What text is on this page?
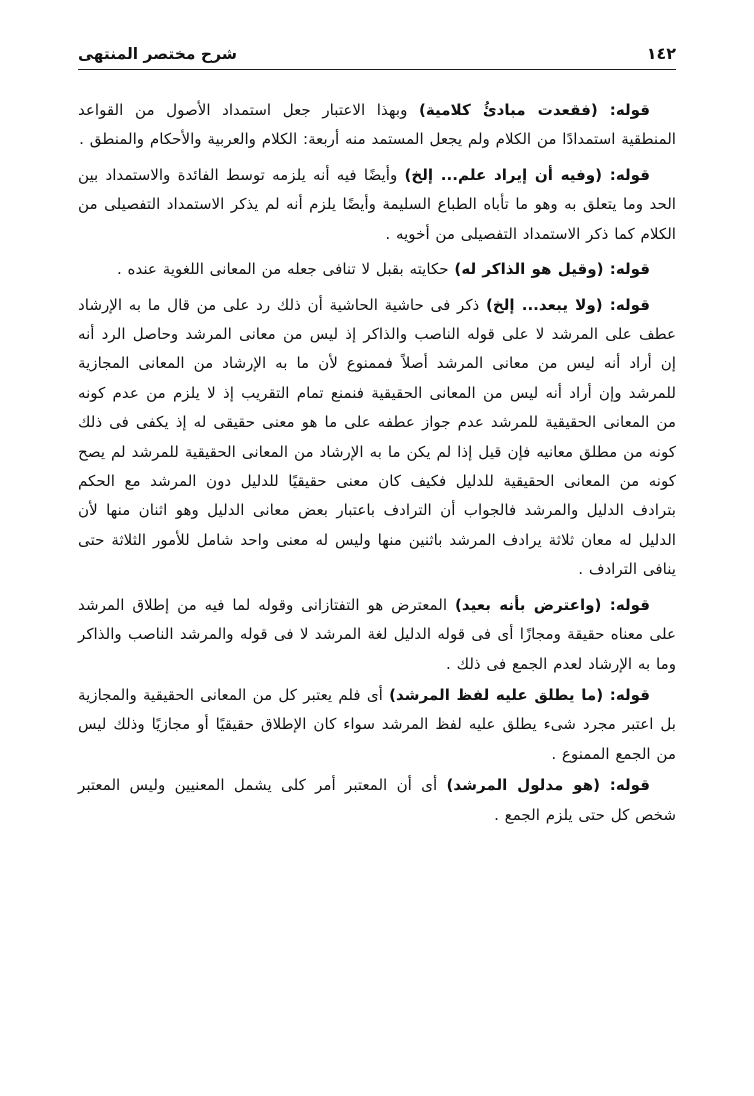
شرح مختصر المنتهى	١٤٢

قوله: (فقعدت مبادئُ كلامية) وبهذا الاعتبار جعل استمداد الأصول من القواعد المنطقية استمدادًا من الكلام ولم يجعل المستمد منه أربعة: الكلام والعربية والأحكام والمنطق .

قوله: (وفيه أن إيراد علم... إلخ) وأيضًا فيه أنه يلزمه توسط الفائدة والاستمداد بين الحد وما يتعلق به وهو ما تأباه الطباع السليمة وأيضًا يلزم أنه لم يذكر الاستمداد التفصيلى من الكلام كما ذكر الاستمداد التفصيلى من أخويه .

قوله: (وقيل هو الذاكر له) حكايته بقبل لا تنافى جعله من المعانى اللغوية عنده .

قوله: (ولا يبعد... إلخ) ذكر فى حاشية الحاشية أن ذلك رد على من قال ما به الإرشاد عطف على المرشد لا على قوله الناصب والذاكر إذ ليس من معانى المرشد وحاصل الرد أنه إن أراد أنه ليس من معانى المرشد أصلاً فممنوع لأن ما به الإرشاد من المعانى المجازية للمرشد وإن أراد أنه ليس من المعانى الحقيقية فنمنع تمام التقريب إذ لا يلزم من عدم كونه من المعانى الحقيقية للمرشد عدم جواز عطفه على ما هو معنى حقيقى له إذ يكفى فى ذلك كونه من مطلق معانيه فإن قيل إذا لم يكن ما به الإرشاد من المعانى الحقيقية للمرشد لم يصح كونه من المعانى الحقيقية للدليل فكيف كان معنى حقيقيًا للدليل دون المرشد مع الحكم بترادف الدليل والمرشد فالجواب أن الترادف باعتبار بعض معانى الدليل وهو اثنان منها لأن الدليل له معان ثلاثة يرادف المرشد باثنين منها وليس له معنى واحد شامل للأمور الثلاثة حتى ينافى الترادف .

قوله: (واعترض بأنه بعيد) المعترض هو التفتازانى وقوله لما فيه من إطلاق المرشد على معناه حقيقة ومجازًا أى فى قوله الدليل لغة المرشد لا فى قوله والمرشد الناصب والذاكر وما به الإرشاد لعدم الجمع فى ذلك .

قوله: (ما يطلق عليه لفظ المرشد) أى فلم يعتبر كل من المعانى الحقيقية والمجازية بل اعتبر مجرد شىء يطلق عليه لفظ المرشد سواء كان الإطلاق حقيقيًا أو مجازيًا وذلك ليس من الجمع الممنوع .

قوله: (هو مدلول المرشد) أى أن المعتبر أمر كلى يشمل المعنيين وليس المعتبر شخص كل حتى يلزم الجمع .
